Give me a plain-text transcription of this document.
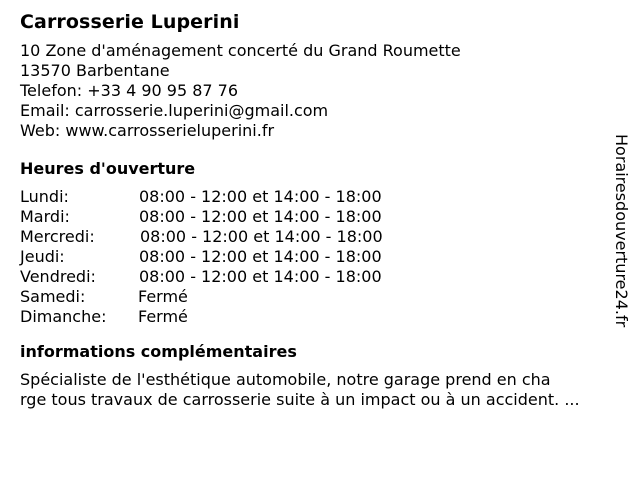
Carrosserie Luperini
10 Zone d'aménagement concerté du Grand Roumette
13570 Barbentane
Telefon: +33 4 90 95 87 76
Email: carrosserie.luperini@gmail.com
Web: www.carrosserieluperini.fr
Heures d'ouverture
Lundi:	08:00 - 12:00 et 14:00 - 18:00
Mardi:	08:00 - 12:00 et 14:00 - 18:00
Mercredi:	08:00 - 12:00 et 14:00 - 18:00
Jeudi:	08:00 - 12:00 et 14:00 - 18:00
Vendredi:	08:00 - 12:00 et 14:00 - 18:00
Samedi:	Fermé
Dimanche: Fermé
informations complémentaires
Spécialiste de l'esthétique automobile, notre garage prend en cha
rge tous travaux de carrosserie suite à un impact ou à un accident. ...
Horairesdouverture24.fr
